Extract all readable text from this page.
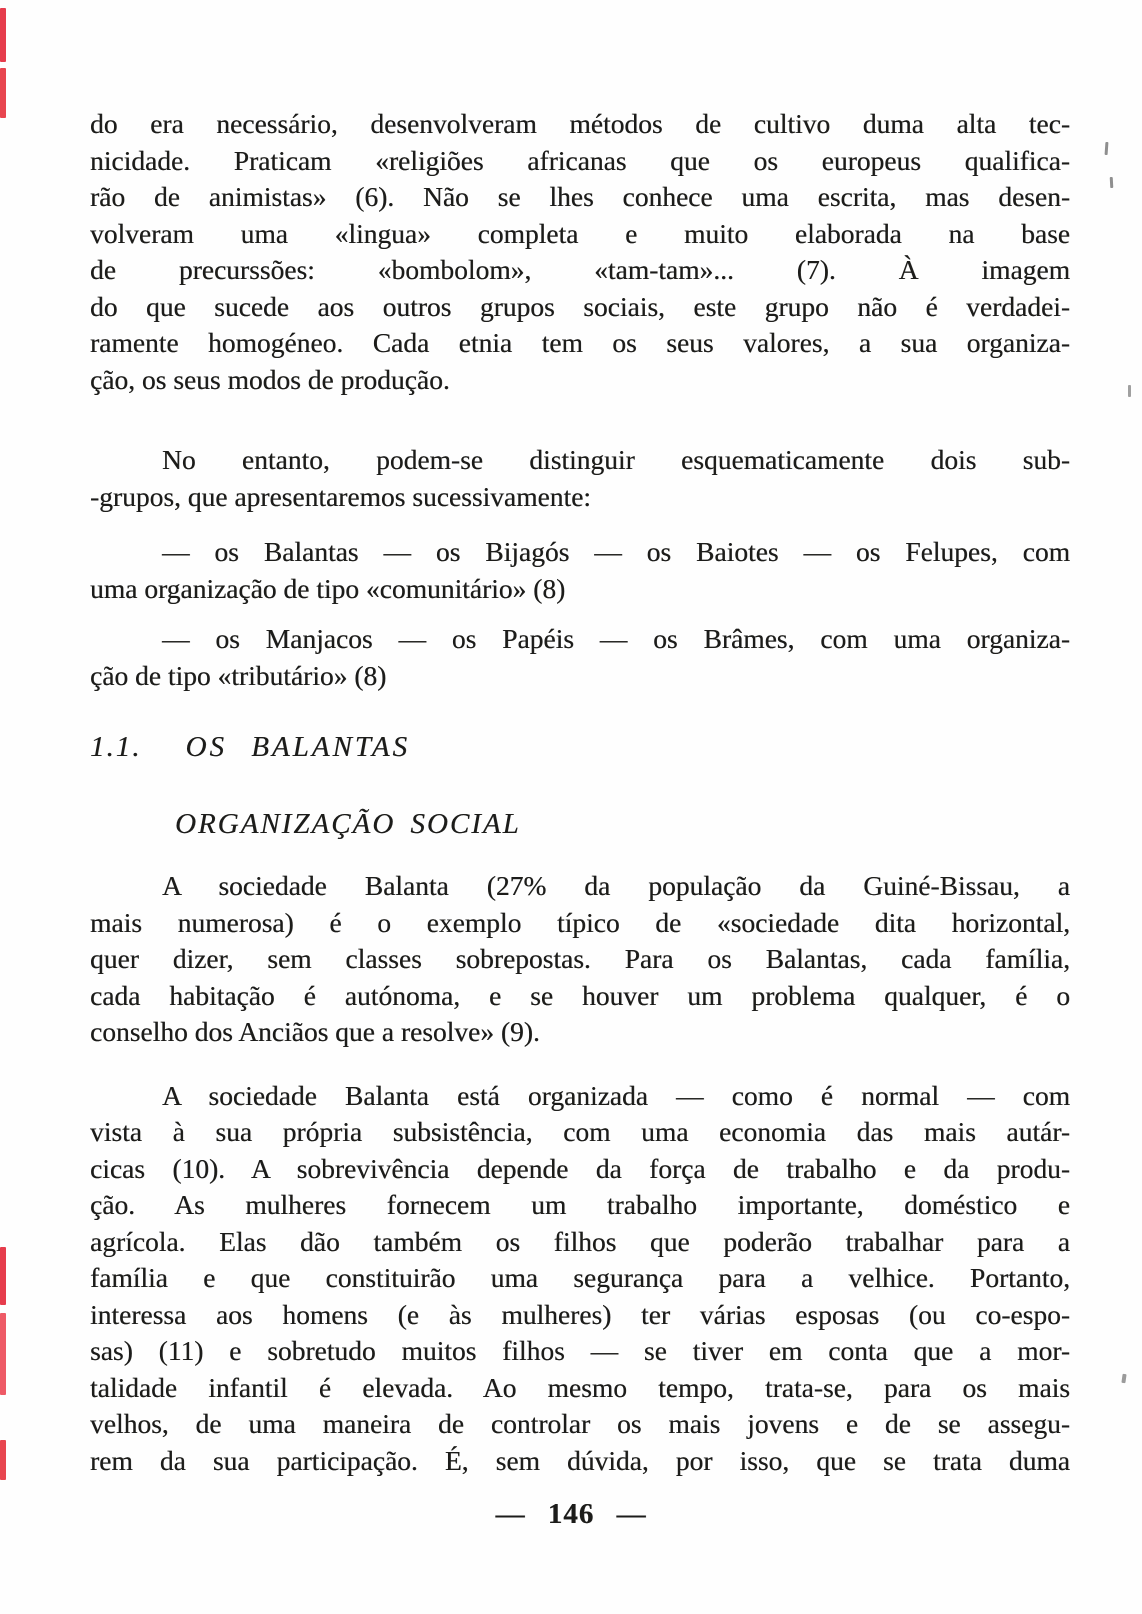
do era necessário, desenvolveram métodos de cultivo duma alta tec-
nicidade. Praticam «religiões africanas que os europeus qualifica-
rão de animistas» (6). Não se lhes conhece uma escrita, mas desen-
volveram uma «lingua» completa e muito elaborada na base
de precurssões: «bombolom», «tam-tam»... (7). À imagem
do que sucede aos outros grupos sociais, este grupo não é verdadei-
ramente homogéneo. Cada etnia tem os seus valores, a sua organiza-
ção, os seus modos de produção.
No entanto, podem-se distinguir esquematicamente dois sub-
-grupos, que apresentaremos sucessivamente:
— os Balantas — os Bijagós — os Baiotes — os Felupes, com
uma organização de tipo «comunitário» (8)
— os Manjacos — os Papéis — os Brâmes, com uma organiza-
ção de tipo «tributário» (8)
1.1. OS BALANTAS
ORGANIZAÇÃO SOCIAL
A sociedade Balanta (27% da população da Guiné-Bissau, a
mais numerosa) é o exemplo típico de «sociedade dita horizontal,
quer dizer, sem classes sobrepostas. Para os Balantas, cada família,
cada habitação é autónoma, e se houver um problema qualquer, é o
conselho dos Anciãos que a resolve» (9).
A sociedade Balanta está organizada — como é normal — com
vista à sua própria subsistência, com uma economia das mais autár-
cicas (10). A sobrevivência depende da força de trabalho e da produ-
ção. As mulheres fornecem um trabalho importante, doméstico e
agrícola. Elas dão também os filhos que poderão trabalhar para a
família e que constituirão uma segurança para a velhice. Portanto,
interessa aos homens (e às mulheres) ter várias esposas (ou co-espo-
sas) (11) e sobretudo muitos filhos — se tiver em conta que a mor-
talidade infantil é elevada. Ao mesmo tempo, trata-se, para os mais
velhos, de uma maneira de controlar os mais jovens e de se assegu-
rem da sua participação. É, sem dúvida, por isso, que se trata duma
— 146 —
